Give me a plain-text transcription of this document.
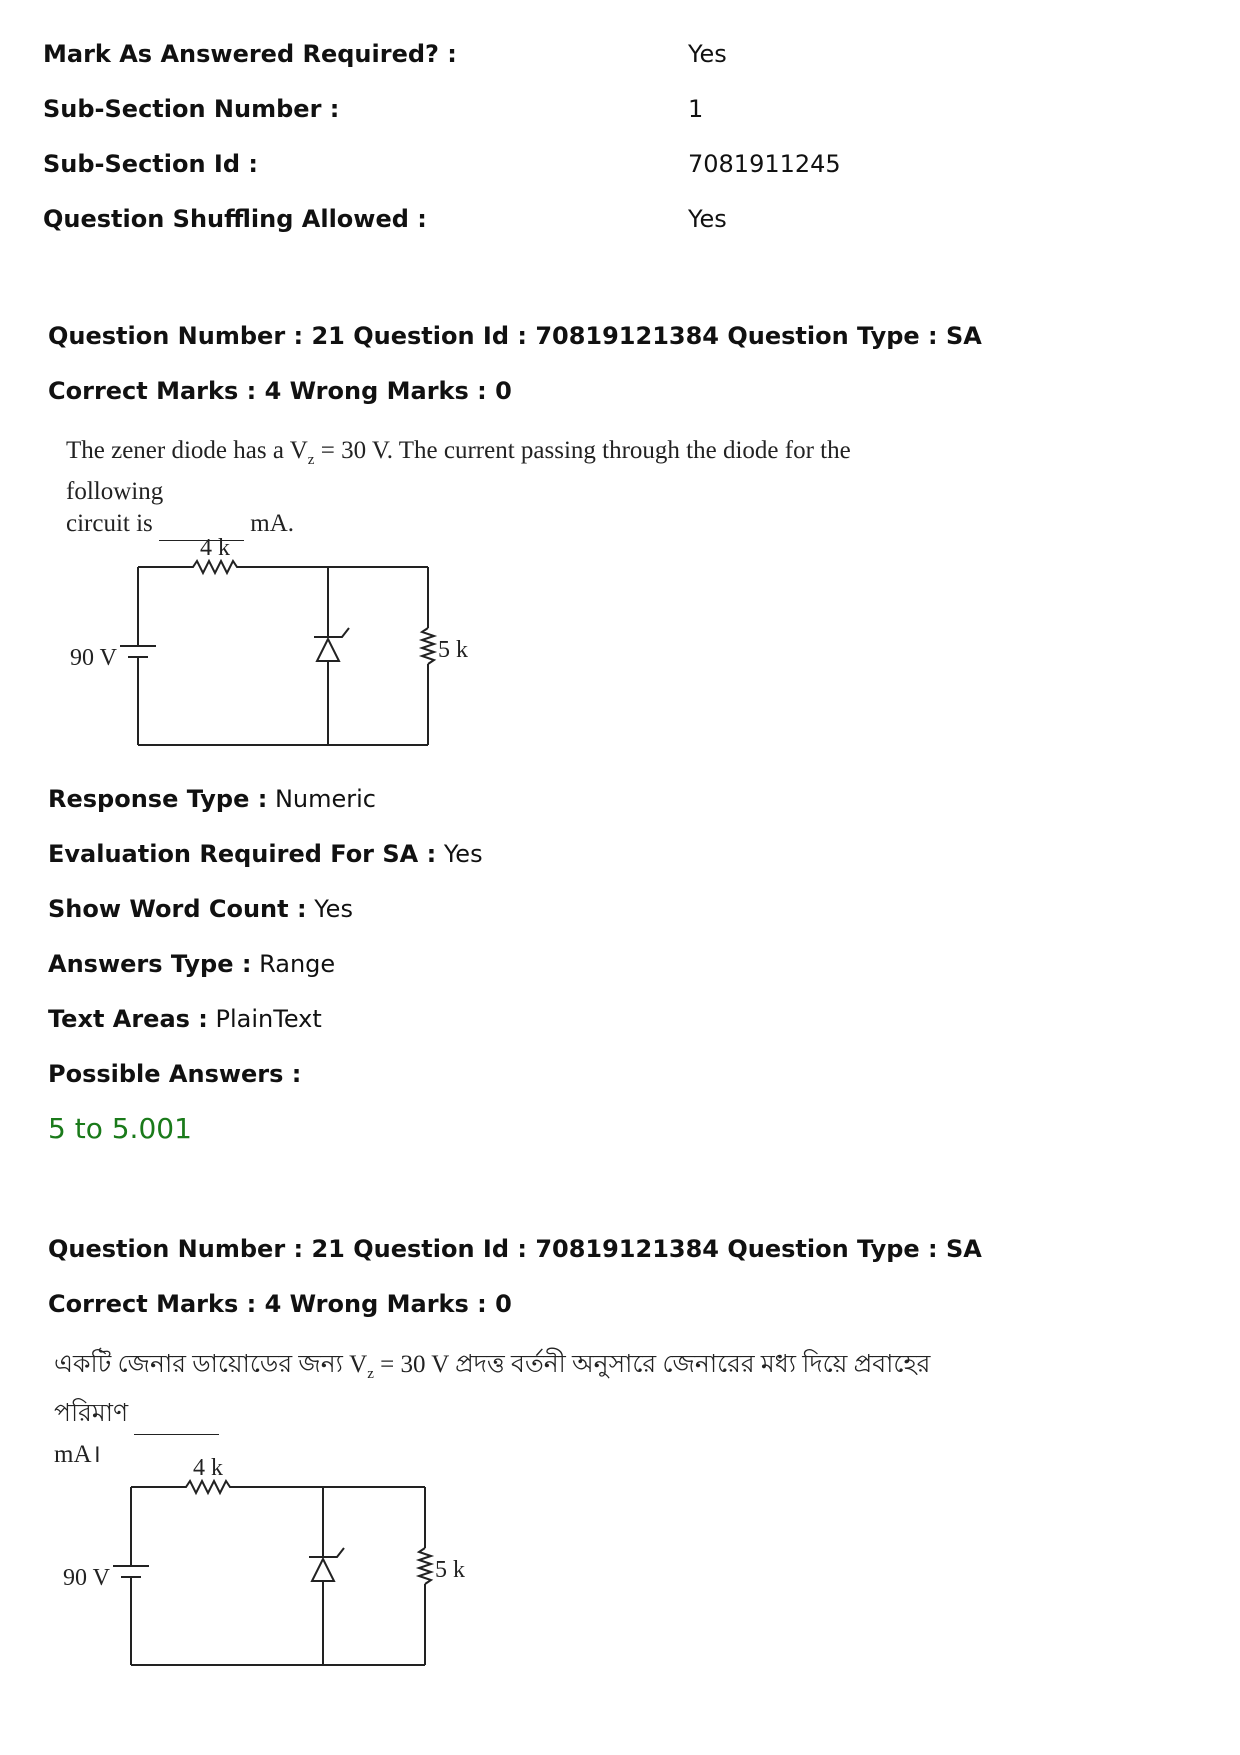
Mark As Answered Required? :	Yes
Sub-Section Number :	1
Sub-Section Id :	7081911245
Question Shuffling Allowed :	Yes
Question Number : 21 Question Id : 70819121384 Question Type : SA
Correct Marks : 4 Wrong Marks : 0
The zener diode has a $V_z = 30$ V. The current passing through the diode for the following
circuit is	mA.
4 k
90 V	5 k
Response Type : Numeric
Evaluation Required For SA : Yes
Show Word Count : Yes
Answers Type : Range
Text Areas : PlainText
Possible Answers :
5 to 5.001
Question Number : 21 Question Id : 70819121384 Question Type : SA
Correct Marks : 4 Wrong Marks : 0
একটি জেনার ডায়োডের জন্য $V_z = 30$ V প্রদত্ত বর্তনী অনুসারে জেনারের মধ্য দিয়ে প্রবাহের পরিমাণ
mA।	4 k
90 V	5 k
